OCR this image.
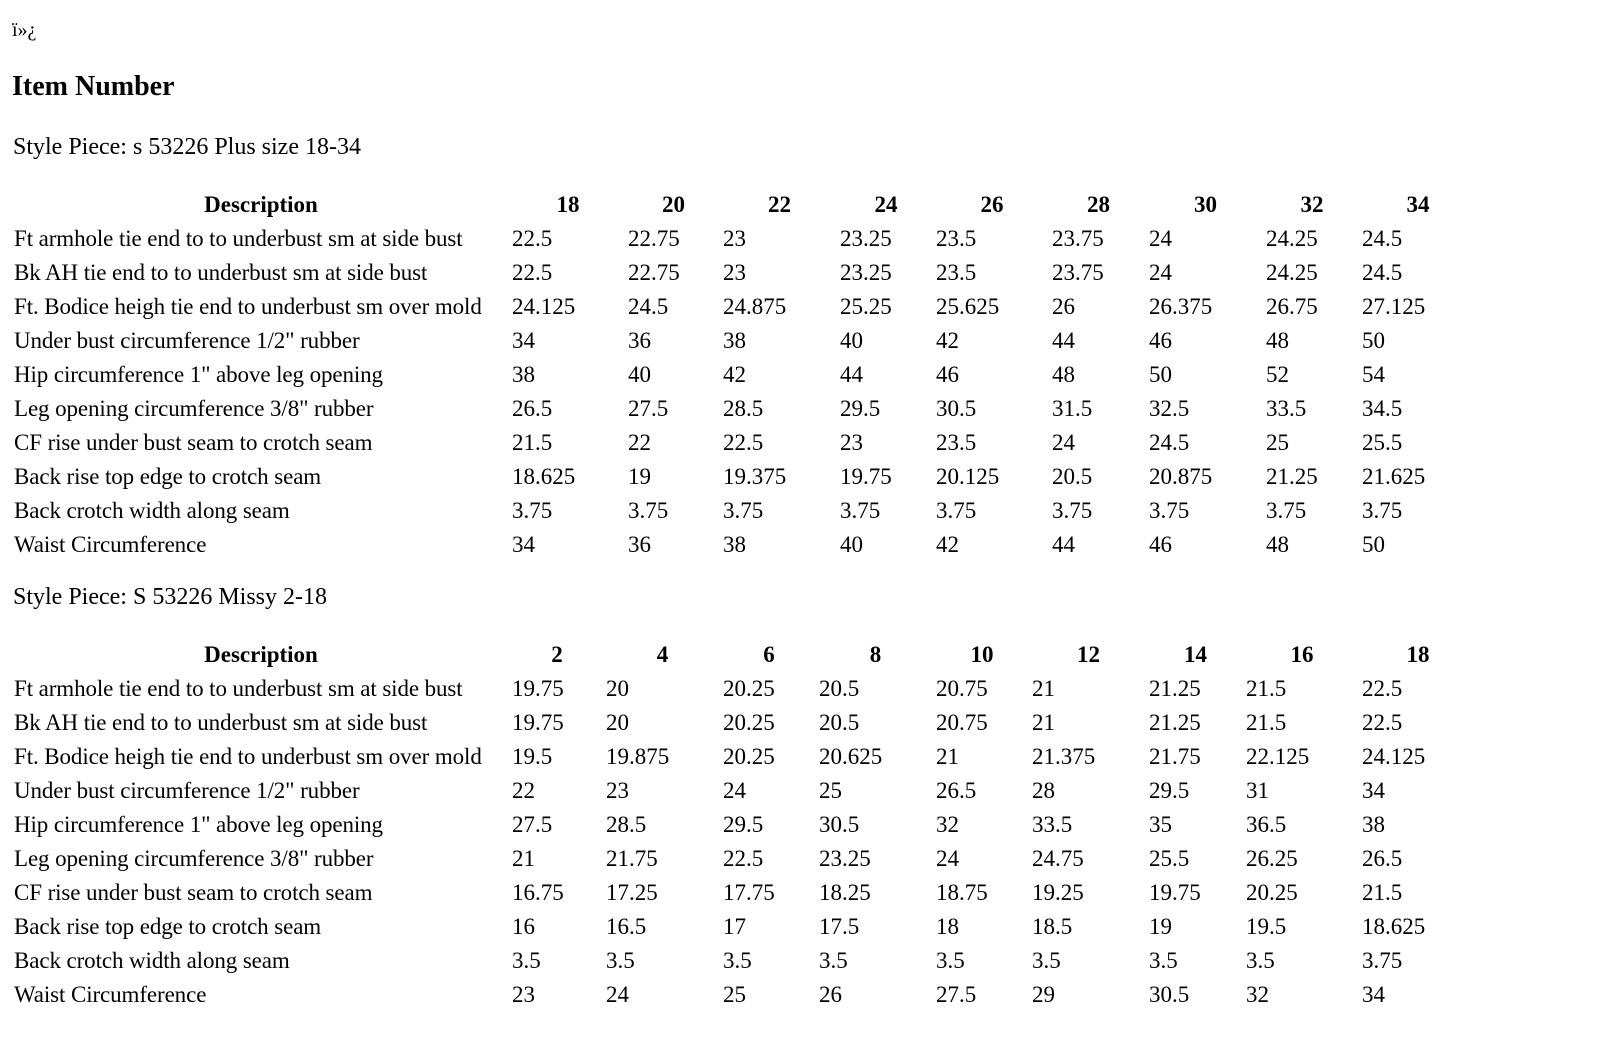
ï»¿
Item Number
Style Piece: s 53226 Plus size 18-34
Description	18	20	22	24	26	28	30	32	34
Ft armhole tie end to to underbust sm at side bust	22.5	22.75	23	23.25	23.5	23.75	24	24.25	24.5
Bk AH tie end to to underbust sm at side bust	22.5	22.75	23	23.25	23.5	23.75	24	24.25	24.5
Ft. Bodice heigh tie end to underbust sm over mold	24.125	24.5	24.875	25.25	25.625	26	26.375	26.75	27.125
Under bust circumference 1/2" rubber	34	36	38	40	42	44	46	48	50
Hip circumference 1" above leg opening	38	40	42	44	46	48	50	52	54
Leg opening circumference 3/8" rubber	26.5	27.5	28.5	29.5	30.5	31.5	32.5	33.5	34.5
CF rise under bust seam to crotch seam	21.5	22	22.5	23	23.5	24	24.5	25	25.5
Back rise top edge to crotch seam	18.625	19	19.375	19.75	20.125	20.5	20.875	21.25	21.625
Back crotch width along seam	3.75	3.75	3.75	3.75	3.75	3.75	3.75	3.75	3.75
Waist Circumference	34	36	38	40	42	44	46	48	50
Style Piece: S 53226 Missy 2-18
Description	2	4	6	8	10	12	14	16	18
Ft armhole tie end to to underbust sm at side bust	19.75	20	20.25	20.5	20.75	21	21.25	21.5	22.5
Bk AH tie end to to underbust sm at side bust	19.75	20	20.25	20.5	20.75	21	21.25	21.5	22.5
Ft. Bodice heigh tie end to underbust sm over mold	19.5	19.875	20.25	20.625	21	21.375	21.75	22.125	24.125
Under bust circumference 1/2" rubber	22	23	24	25	26.5	28	29.5	31	34
Hip circumference 1" above leg opening	27.5	28.5	29.5	30.5	32	33.5	35	36.5	38
Leg opening circumference 3/8" rubber	21	21.75	22.5	23.25	24	24.75	25.5	26.25	26.5
CF rise under bust seam to crotch seam	16.75	17.25	17.75	18.25	18.75	19.25	19.75	20.25	21.5
Back rise top edge to crotch seam	16	16.5	17	17.5	18	18.5	19	19.5	18.625
Back crotch width along seam	3.5	3.5	3.5	3.5	3.5	3.5	3.5	3.5	3.75
Waist Circumference	23	24	25	26	27.5	29	30.5	32	34
